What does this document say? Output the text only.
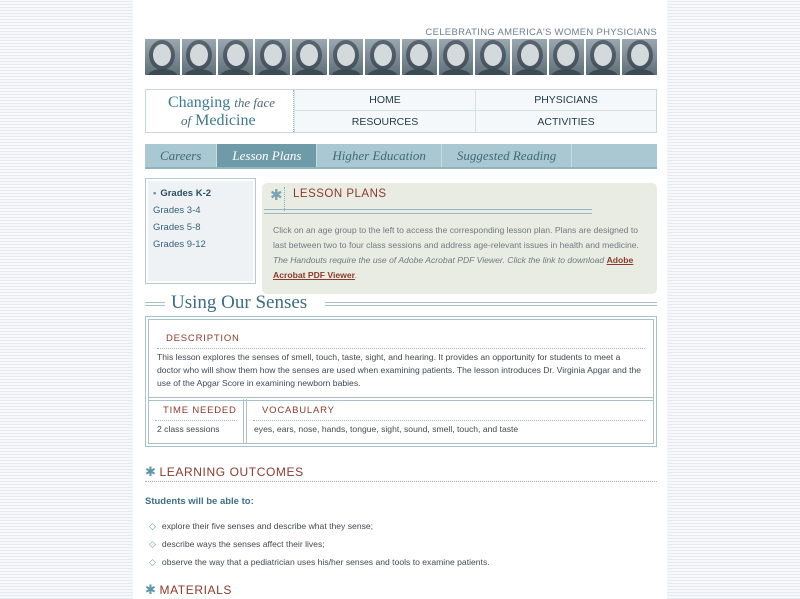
CELEBRATING AMERICA'S WOMEN PHYSICIANS
Changing the face
of Medicine
HOME	PHYSICIANS
RESOURCES	ACTIVITIES
Careers	Lesson Plans	Higher Education	Suggested Reading
• Grades K-2
Grades 3-4
Grades 5-8
Grades 9-12
✱ LESSON PLANS
Click on an age group to the left to access the corresponding lesson plan. Plans are designed to last between two to four class sessions and address age-relevant issues in health and medicine. The Handouts require the use of Adobe Acrobat PDF Viewer. Click the link to download Adobe Acrobat PDF Viewer.
Using Our Senses
DESCRIPTION
This lesson explores the senses of smell, touch, taste, sight, and hearing. It provides an opportunity for students to meet a doctor who will show them how the senses are used when examining patients. The lesson introduces Dr. Virginia Apgar and the use of the Apgar Score in examining newborn babies.
TIME NEEDED
2 class sessions
VOCABULARY
eyes, ears, nose, hands, tongue, sight, sound, smell, touch, and taste
✱ LEARNING OUTCOMES
Students will be able to:
◇ explore their five senses and describe what they sense;
◇ describe ways the senses affect their lives;
◇ observe the way that a pediatrician uses his/her senses and tools to examine patients.
✱ MATERIALS
